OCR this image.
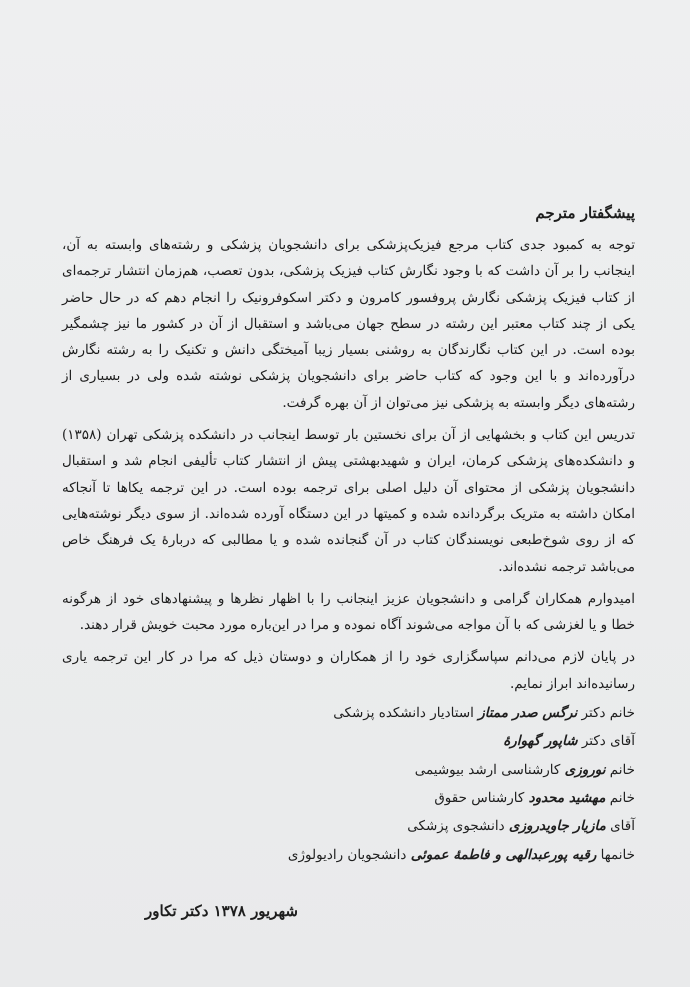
پیشگفتار مترجم

توجه به کمبود جدی کتاب مرجع فیزیک‌پزشکی برای دانشجویان پزشکی و رشته‌های وابسته به آن، اینجانب را بر آن داشت که با وجود نگارش کتاب فیزیک پزشکی، بدون تعصب، هم‌زمان انتشار ترجمه‌ای از کتاب فیزیک پزشکی نگارش پروفسور کامرون و دکتر اسکوفرونیک را انجام دهم که در حال حاضر یکی از چند کتاب معتبر این رشته در سطح جهان می‌باشد و استقبال از آن در کشور ما نیز چشمگیر بوده است. در این کتاب نگارندگان به روشنی بسیار زیبا آمیختگی دانش و تکنیک را به رشته نگارش درآورده‌اند و با این وجود که کتاب حاضر برای دانشجویان پزشکی نوشته شده ولی در بسیاری از رشته‌های دیگر وابسته به پزشکی نیز می‌توان از آن بهره گرفت.

تدریس این کتاب و بخشهایی از آن برای نخستین بار توسط اینجانب در دانشکده پزشکی تهران (۱۳۵۸) و دانشکده‌های پزشکی کرمان، ایران و شهیدبهشتی پیش از انتشار کتاب تألیفی انجام شد و استقبال دانشجویان پزشکی از محتوای آن دلیل اصلی برای ترجمه بوده است. در این ترجمه یکاها تا آنجاکه امکان داشته به متریک برگردانده شده و کمیتها در این دستگاه آورده شده‌اند. از سوی دیگر نوشته‌هایی که از روی شوخ‌طبعی نویسندگان کتاب در آن گنجانده شده و یا مطالبی که دربارهٔ یک فرهنگ خاص می‌باشد ترجمه نشده‌اند.

امیدوارم همکاران گرامی و دانشجویان عزیز اینجانب را با اظهار نظرها و پیشنهادهای خود از هرگونه خطا و یا لغزشی که با آن مواجه می‌شوند آگاه نموده و مرا در این‌باره مورد محبت خویش قرار دهند.

در پایان لازم می‌دانم سپاسگزاری خود را از همکاران و دوستان ذیل که مرا در کار این ترجمه یاری رسانیده‌اند ابراز نمایم.

خانم دکتر نرگس صدر ممتاز استادیار دانشکده پزشکی
آقای دکتر شاپور گهوارهٔ
خانم نوروزی کارشناسی ارشد بیوشیمی
خانم مهشید محدود کارشناس حقوق
آقای مازیار جاویدروزی دانشجوی پزشکی
خانمها رقیه پورعبدالهی و فاطمهٔ عموئی دانشجویان رادیولوژی
شهریور ۱۳۷۸ دکتر تکاور
